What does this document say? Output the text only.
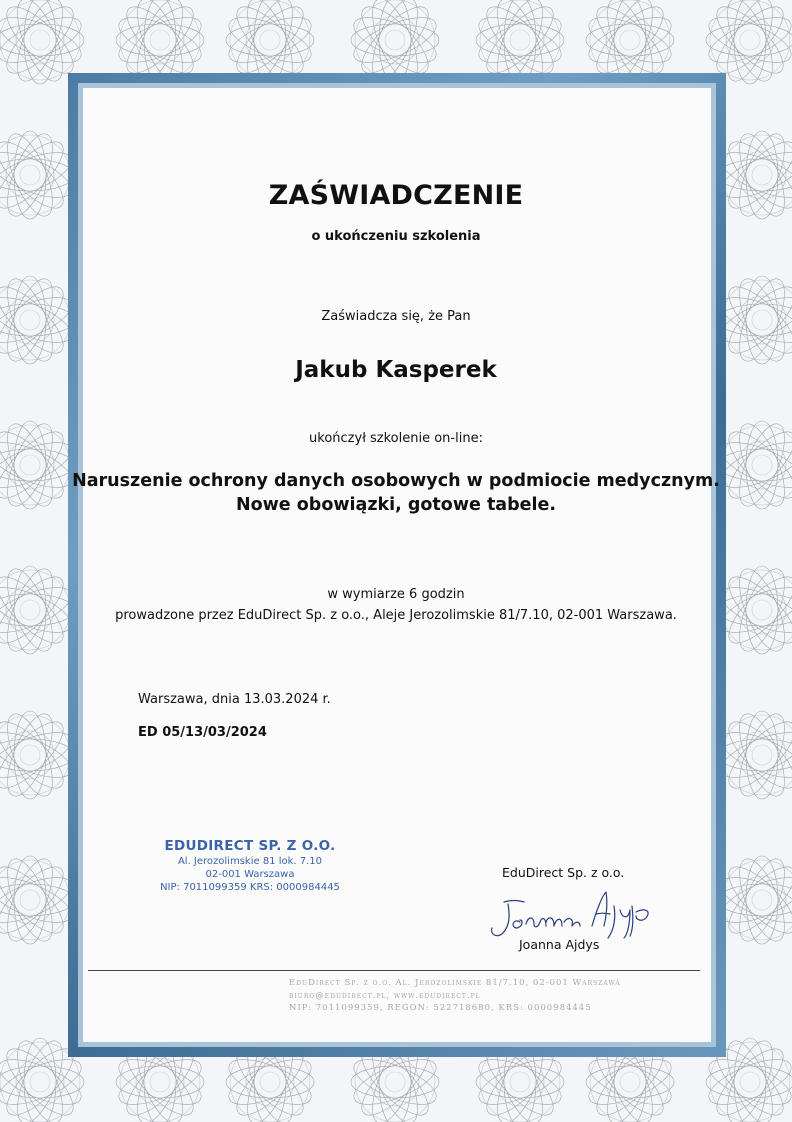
ZAŚWIADCZENIE
o ukończeniu szkolenia
Zaświadcza się, że Pan
Jakub Kasperek
ukończył szkolenie on-line:
Naruszenie ochrony danych osobowych w podmiocie medycznym.
Nowe obowiązki, gotowe tabele.
w wymiarze 6 godzin
prowadzone przez EduDirect Sp. z o.o., Aleje Jerozolimskie 81/7.10, 02-001 Warszawa.
Warszawa, dnia 13.03.2024 r.
ED 05/13/03/2024
EDUDIRECT SP. Z O.O.
Al. Jerozolimskie 81 lok. 7.10
02-001 Warszawa
NIP: 7011099359 KRS: 0000984445
EduDirect Sp. z o.o.
Joanna Ajdys
EduDirect Sp. z o.o. Al. Jerozolimskie 81/7.10, 02-001 Warszawa
biuro@edudirect.pl, www.edudirect.pl
NIP: 7011099359, REGON: 522718680, KRS: 0000984445
